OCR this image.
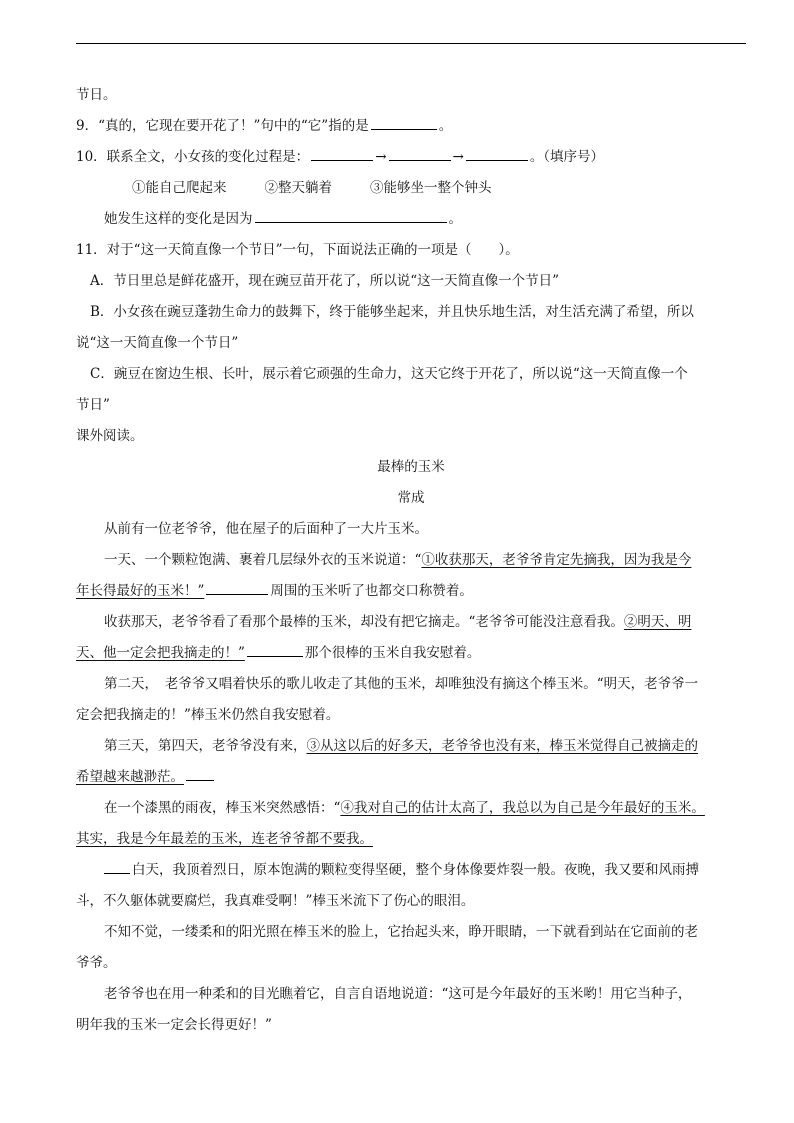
节日。
9．“真的，它现在要开花了！”句中的“它”指的是	。
10．联系全文，小女孩的变化过程是：	→	→	。（填序号）
①能自己爬起来	②整天躺着	③能够坐一整个钟头
她发生这样的变化是因为	。
11．对于“这一天简直像一个节日”一句，下面说法正确的一项是（　　）。
A．节日里总是鲜花盛开，现在豌豆苗开花了，所以说“这一天简直像一个节日”
B．小女孩在豌豆蓬勃生命力的鼓舞下，终于能够坐起来，并且快乐地生活，对生活充满了希望，所以
说“这一天简直像一个节日”
C．豌豆在窗边生根、长叶，展示着它顽强的生命力，这天它终于开花了，所以说“这一天简直像一个
节日”
课外阅读。
最棒的玉米
常成
从前有一位老爷爷，他在屋子的后面种了一大片玉米。
一天、一个颗粒饱满、裹着几层绿外衣的玉米说道：“①收获那天，老爷爷肯定先摘我，因为我是今
年长得最好的玉米！”	周围的玉米听了也都交口称赞着。
收获那天，老爷爷看了看那个最棒的玉米，却没有把它摘走。“老爷爷可能没注意看我。②明天、明
天、他一定会把我摘走的！”	那个很棒的玉米自我安慰着。
第二天，　老爷爷又唱着快乐的歌儿收走了其他的玉米，却唯独没有摘这个棒玉米。“明天，老爷爷一
定会把我摘走的！”棒玉米仍然自我安慰着。
第三天，第四天，老爷爷没有来，③从这以后的好多天，老爷爷也没有来，棒玉米觉得自己被摘走的
希望越来越渺茫。
在一个漆黑的雨夜，棒玉米突然感悟：“④我对自己的估计太高了，我总以为自己是今年最好的玉米。
其实，我是今年最差的玉米，连老爷爷都不要我。
白天，我顶着烈日，原本饱满的颗粒变得坚硬，整个身体像要炸裂一般。夜晚，我又要和风雨搏
斗，不久躯体就要腐烂，我真难受啊！”棒玉米流下了伤心的眼泪。
不知不觉，一缕柔和的阳光照在棒玉米的脸上，它抬起头来，睁开眼睛，一下就看到站在它面前的老
爷爷。
老爷爷也在用一种柔和的目光瞧着它，自言自语地说道：“这可是今年最好的玉米哟！用它当种子，
明年我的玉米一定会长得更好！”
